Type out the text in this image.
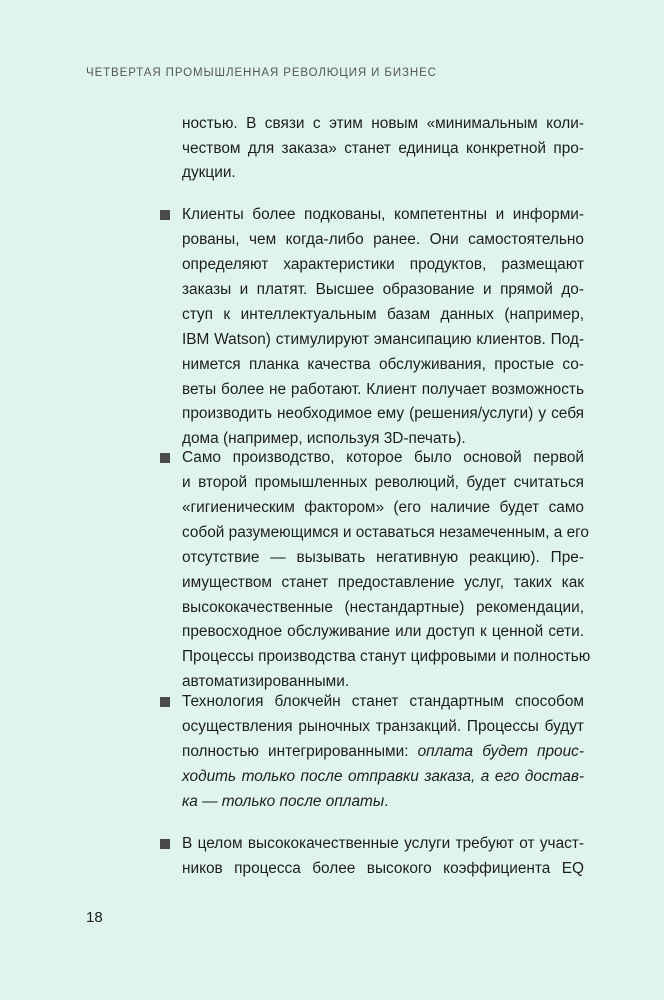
ЧЕТВЕРТАЯ ПРОМЫШЛЕННАЯ РЕВОЛЮЦИЯ И БИЗНЕС
ностью. В связи с этим новым «минимальным коли-
чеством для заказа» станет единица конкретной про-
дукции.
Клиенты более подкованы, компетентны и информи-
рованы, чем когда-либо ранее. Они самостоятельно
определяют характеристики продуктов, размещают
заказы и платят. Высшее образование и прямой до-
ступ к интеллектуальным базам данных (например,
IBM Watson) стимулируют эмансипацию клиентов. Под-
нимется планка качества обслуживания, простые со-
веты более не работают. Клиент получает возможность
производить необходимое ему (решения/услуги) у себя
дома (например, используя 3D-печать).
Само производство, которое было основой первой
и второй промышленных революций, будет считаться
«гигиеническим фактором» (его наличие будет само
собой разумеющимся и оставаться незамеченным, а его
отсутствие — вызывать негативную реакцию). Пре-
имуществом станет предоставление услуг, таких как
высококачественные (нестандартные) рекомендации,
превосходное обслуживание или доступ к ценной сети.
Процессы производства станут цифровыми и полностью
автоматизированными.
Технология блокчейн станет стандартным способом
осуществления рыночных транзакций. Процессы будут
полностью интегрированными: оплата будет проис-
ходить только после отправки заказа, а его достав-
ка — только после оплаты.
В целом высококачественные услуги требуют от участ-
ников процесса более высокого коэффициента EQ
18
